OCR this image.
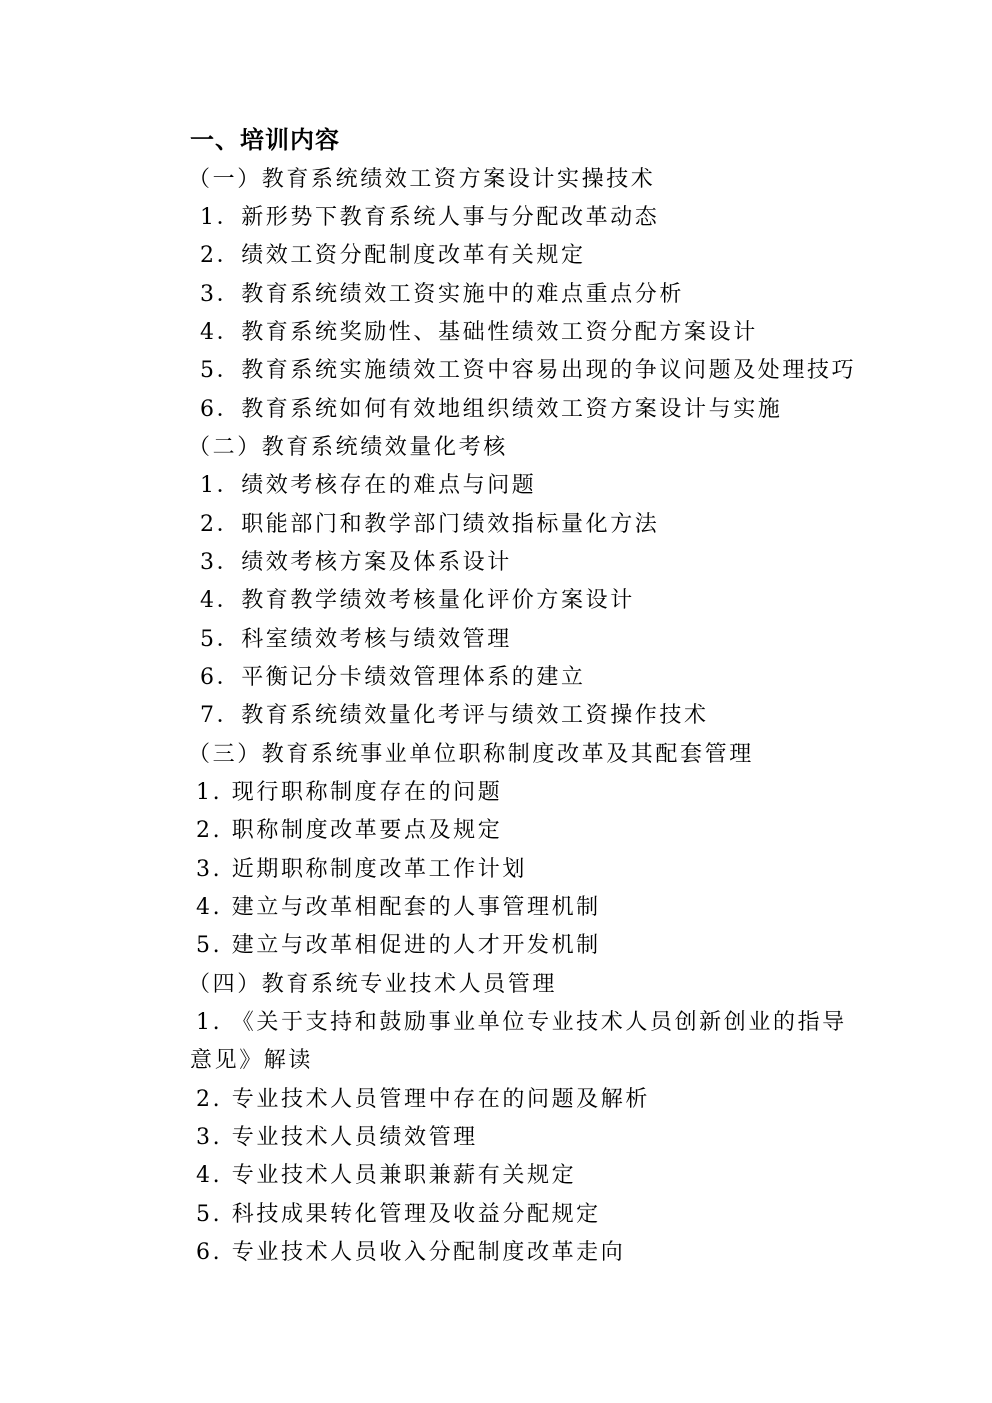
一、培训内容
（一）教育系统绩效工资方案设计实操技术
1．新形势下教育系统人事与分配改革动态
2．绩效工资分配制度改革有关规定
3．教育系统绩效工资实施中的难点重点分析
4．教育系统奖励性、基础性绩效工资分配方案设计
5．教育系统实施绩效工资中容易出现的争议问题及处理技巧
6．教育系统如何有效地组织绩效工资方案设计与实施
（二）教育系统绩效量化考核
1．绩效考核存在的难点与问题
2．职能部门和教学部门绩效指标量化方法
3．绩效考核方案及体系设计
4．教育教学绩效考核量化评价方案设计
5．科室绩效考核与绩效管理
6．平衡记分卡绩效管理体系的建立
7．教育系统绩效量化考评与绩效工资操作技术
（三）教育系统事业单位职称制度改革及其配套管理
1. 现行职称制度存在的问题
2. 职称制度改革要点及规定
3. 近期职称制度改革工作计划
4. 建立与改革相配套的人事管理机制
5. 建立与改革相促进的人才开发机制
（四）教育系统专业技术人员管理
1. 《关于支持和鼓励事业单位专业技术人员创新创业的指导
意见》解读
2. 专业技术人员管理中存在的问题及解析
3. 专业技术人员绩效管理
4. 专业技术人员兼职兼薪有关规定
5. 科技成果转化管理及收益分配规定
6. 专业技术人员收入分配制度改革走向
